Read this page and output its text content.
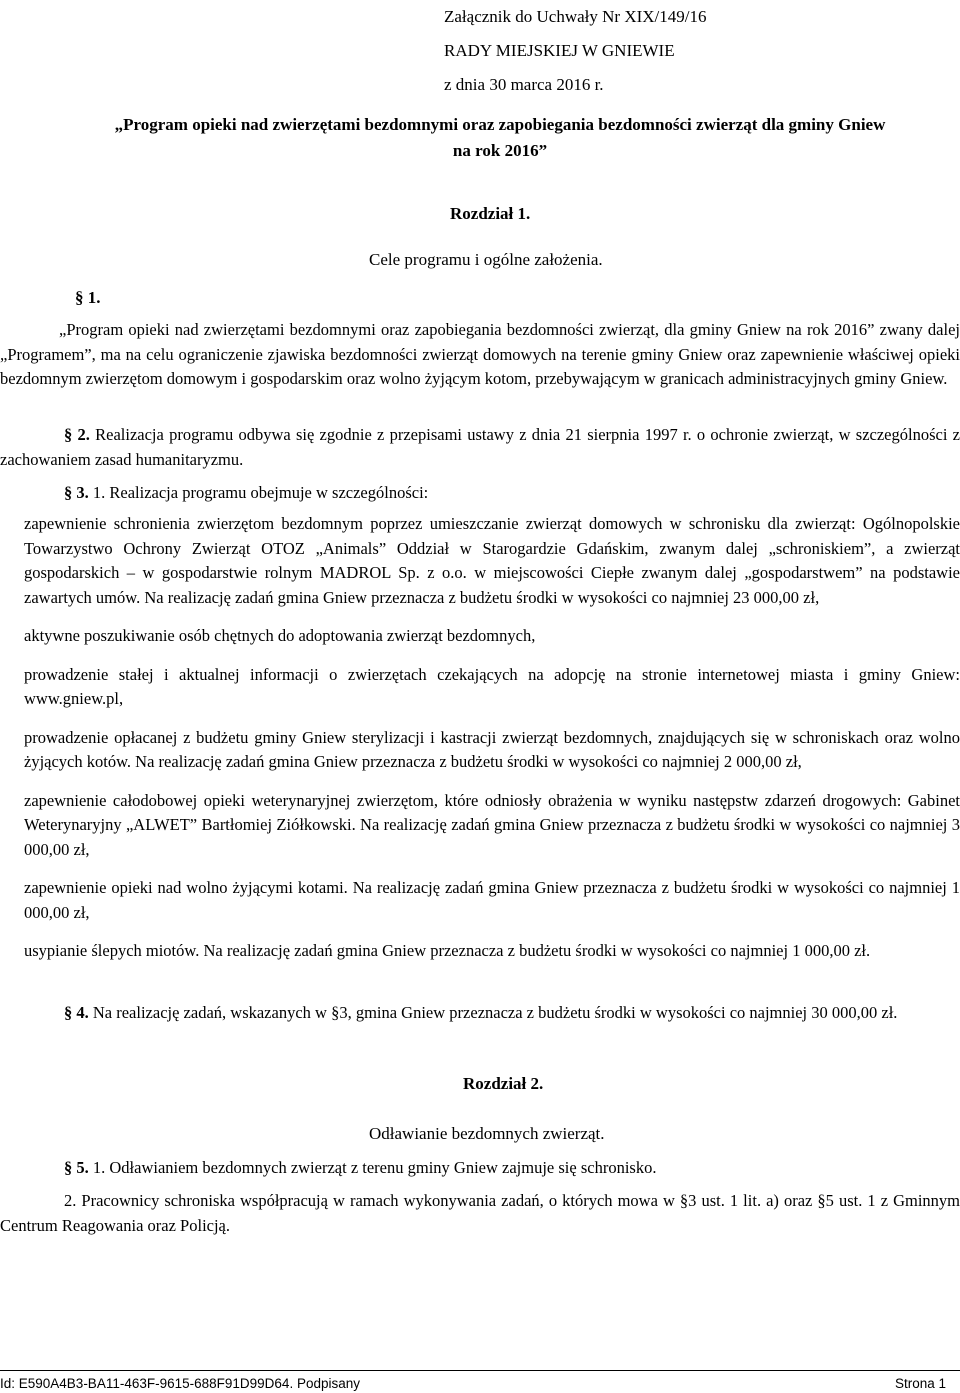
Załącznik do Uchwały Nr XIX/149/16
RADY MIEJSKIEJ W GNIEWIE
z dnia 30 marca 2016 r.
„Program opieki nad zwierzętami bezdomnymi oraz zapobiegania bezdomności zwierząt dla gminy Gniew
na rok 2016”
Rozdział 1.
Cele programu i ogólne założenia.
§ 1.
„Program opieki nad zwierzętami bezdomnymi oraz zapobiegania bezdomności zwierząt, dla gminy Gniew na rok 2016” zwany dalej „Programem”, ma na celu ograniczenie zjawiska bezdomności zwierząt domowych na terenie gminy Gniew oraz zapewnienie właściwej opieki bezdomnym zwierzętom domowym i gospodarskim oraz wolno żyjącym kotom, przebywającym w granicach administracyjnych gminy Gniew.
§ 2. Realizacja programu odbywa się zgodnie z przepisami ustawy z dnia 21 sierpnia 1997 r. o ochronie zwierząt, w szczególności z zachowaniem zasad humanitaryzmu.
§ 3. 1. Realizacja programu obejmuje w szczególności:
zapewnienie schronienia zwierzętom bezdomnym poprzez umieszczanie zwierząt domowych w schronisku dla zwierząt: Ogólnopolskie Towarzystwo Ochrony Zwierząt OTOZ „Animals” Oddział w Starogardzie Gdańskim, zwanym dalej „schroniskiem”, a zwierząt gospodarskich – w gospodarstwie rolnym MADROL Sp. z o.o. w miejscowości Ciepłe zwanym dalej „gospodarstwem” na podstawie zawartych umów. Na realizację zadań gmina Gniew przeznacza z budżetu środki w wysokości co najmniej 23 000,00 zł,
aktywne poszukiwanie osób chętnych do adoptowania zwierząt bezdomnych,
prowadzenie stałej i aktualnej informacji o zwierzętach czekających na adopcję na stronie internetowej miasta i gminy Gniew: www.gniew.pl,
prowadzenie opłacanej z budżetu gminy Gniew sterylizacji i kastracji zwierząt bezdomnych, znajdujących się w schroniskach oraz wolno żyjących kotów. Na realizację zadań gmina Gniew przeznacza z budżetu środki w wysokości co najmniej 2 000,00 zł,
zapewnienie całodobowej opieki weterynaryjnej zwierzętom, które odniosły obrażenia w wyniku następstw zdarzeń drogowych: Gabinet Weterynaryjny „ALWET” Bartłomiej Ziółkowski. Na realizację zadań gmina Gniew przeznacza z budżetu środki w wysokości co najmniej 3 000,00 zł,
zapewnienie opieki nad wolno żyjącymi kotami. Na realizację zadań gmina Gniew przeznacza z budżetu środki w wysokości co najmniej 1 000,00 zł,
usypianie ślepych miotów. Na realizację zadań gmina Gniew przeznacza z budżetu środki w wysokości co najmniej 1 000,00 zł.
§ 4. Na realizację zadań, wskazanych w §3, gmina Gniew przeznacza z budżetu środki w wysokości co najmniej 30 000,00 zł.
Rozdział 2.
Odławianie bezdomnych zwierząt.
§ 5. 1. Odławianiem bezdomnych zwierząt z terenu gminy Gniew zajmuje się schronisko.
2. Pracownicy schroniska współpracują w ramach wykonywania zadań, o których mowa w §3 ust. 1 lit. a) oraz §5 ust. 1 z Gminnym Centrum Reagowania oraz Policją.
Id: E590A4B3-BA11-463F-9615-688F91D99D64. Podpisany	Strona 1
